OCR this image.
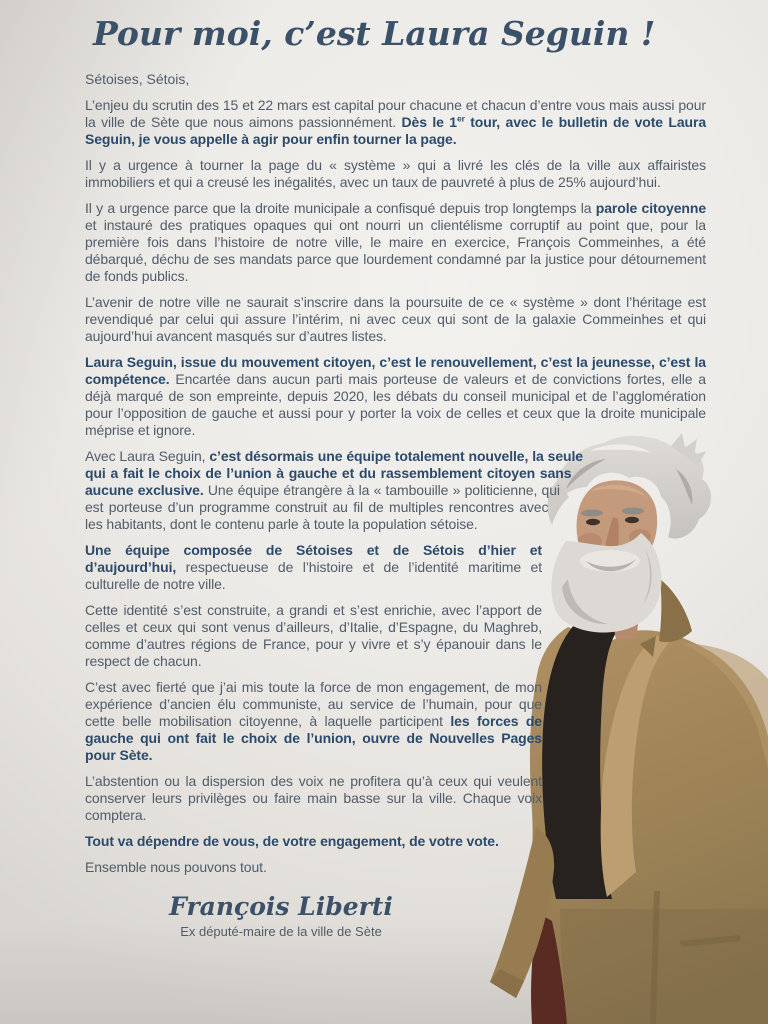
Pour moi, c’est Laura Seguin !

Sétoises, Sétois,

L’enjeu du scrutin des 15 et 22 mars est capital pour chacune et chacun d’entre vous mais aussi pour la ville de Sète que nous aimons passionnément. Dès le 1er tour, avec le bulletin de vote Laura Seguin, je vous appelle à agir pour enfin tourner la page.

Il y a urgence à tourner la page du « système » qui a livré les clés de la ville aux affairistes immobiliers et qui a creusé les inégalités, avec un taux de pauvreté à plus de 25% aujourd’hui.

Il y a urgence parce que la droite municipale a confisqué depuis trop longtemps la parole citoyenne et instauré des pratiques opaques qui ont nourri un clientélisme corruptif au point que, pour la première fois dans l’histoire de notre ville, le maire en exercice, François Commeinhes, a été débarqué, déchu de ses mandats parce que lourdement condamné par la justice pour détournement de fonds publics.

L’avenir de notre ville ne saurait s’inscrire dans la poursuite de ce « système » dont l’héritage est revendiqué par celui qui assure l’intérim, ni avec ceux qui sont de la galaxie Commeinhes et qui aujourd’hui avancent masqués sur d’autres listes.

Laura Seguin, issue du mouvement citoyen, c’est le renouvellement, c’est la jeunesse, c’est la compétence. Encartée dans aucun parti mais porteuse de valeurs et de convictions fortes, elle a déjà marqué de son empreinte, depuis 2020, les débats du conseil municipal et de l’agglomération pour l’opposition de gauche et aussi pour y porter la voix de celles et ceux que la droite municipale méprise et ignore.

Avec Laura Seguin, c’est désormais une équipe totalement nouvelle, la seule qui a fait le choix de l’union à gauche et du rassemblement citoyen sans aucune exclusive. Une équipe étrangère à la « tambouille » politicienne, qui est porteuse d’un programme construit au fil de multiples rencontres avec les habitants, dont le contenu parle à toute la population sétoise.

Une équipe composée de Sétoises et de Sétois d’hier et d’aujourd’hui, respectueuse de l’histoire et de l’identité maritime et culturelle de notre ville.

Cette identité s’est construite, a grandi et s’est enrichie, avec l’apport de celles et ceux qui sont venus d’ailleurs, d’Italie, d’Espagne, du Maghreb, comme d’autres régions de France, pour y vivre et s’y épanouir dans le respect de chacun.

C’est avec fierté que j’ai mis toute la force de mon engagement, de mon expérience d’ancien élu communiste, au service de l’humain, pour que cette belle mobilisation citoyenne, à laquelle participent les forces de gauche qui ont fait le choix de l’union, ouvre de Nouvelles Pages pour Sète.

L’abstention ou la dispersion des voix ne profitera qu’à ceux qui veulent conserver leurs privilèges ou faire main basse sur la ville. Chaque voix comptera.

Tout va dépendre de vous, de votre engagement, de votre vote.

Ensemble nous pouvons tout.

François Liberti

Ex député-maire de la ville de Sète
